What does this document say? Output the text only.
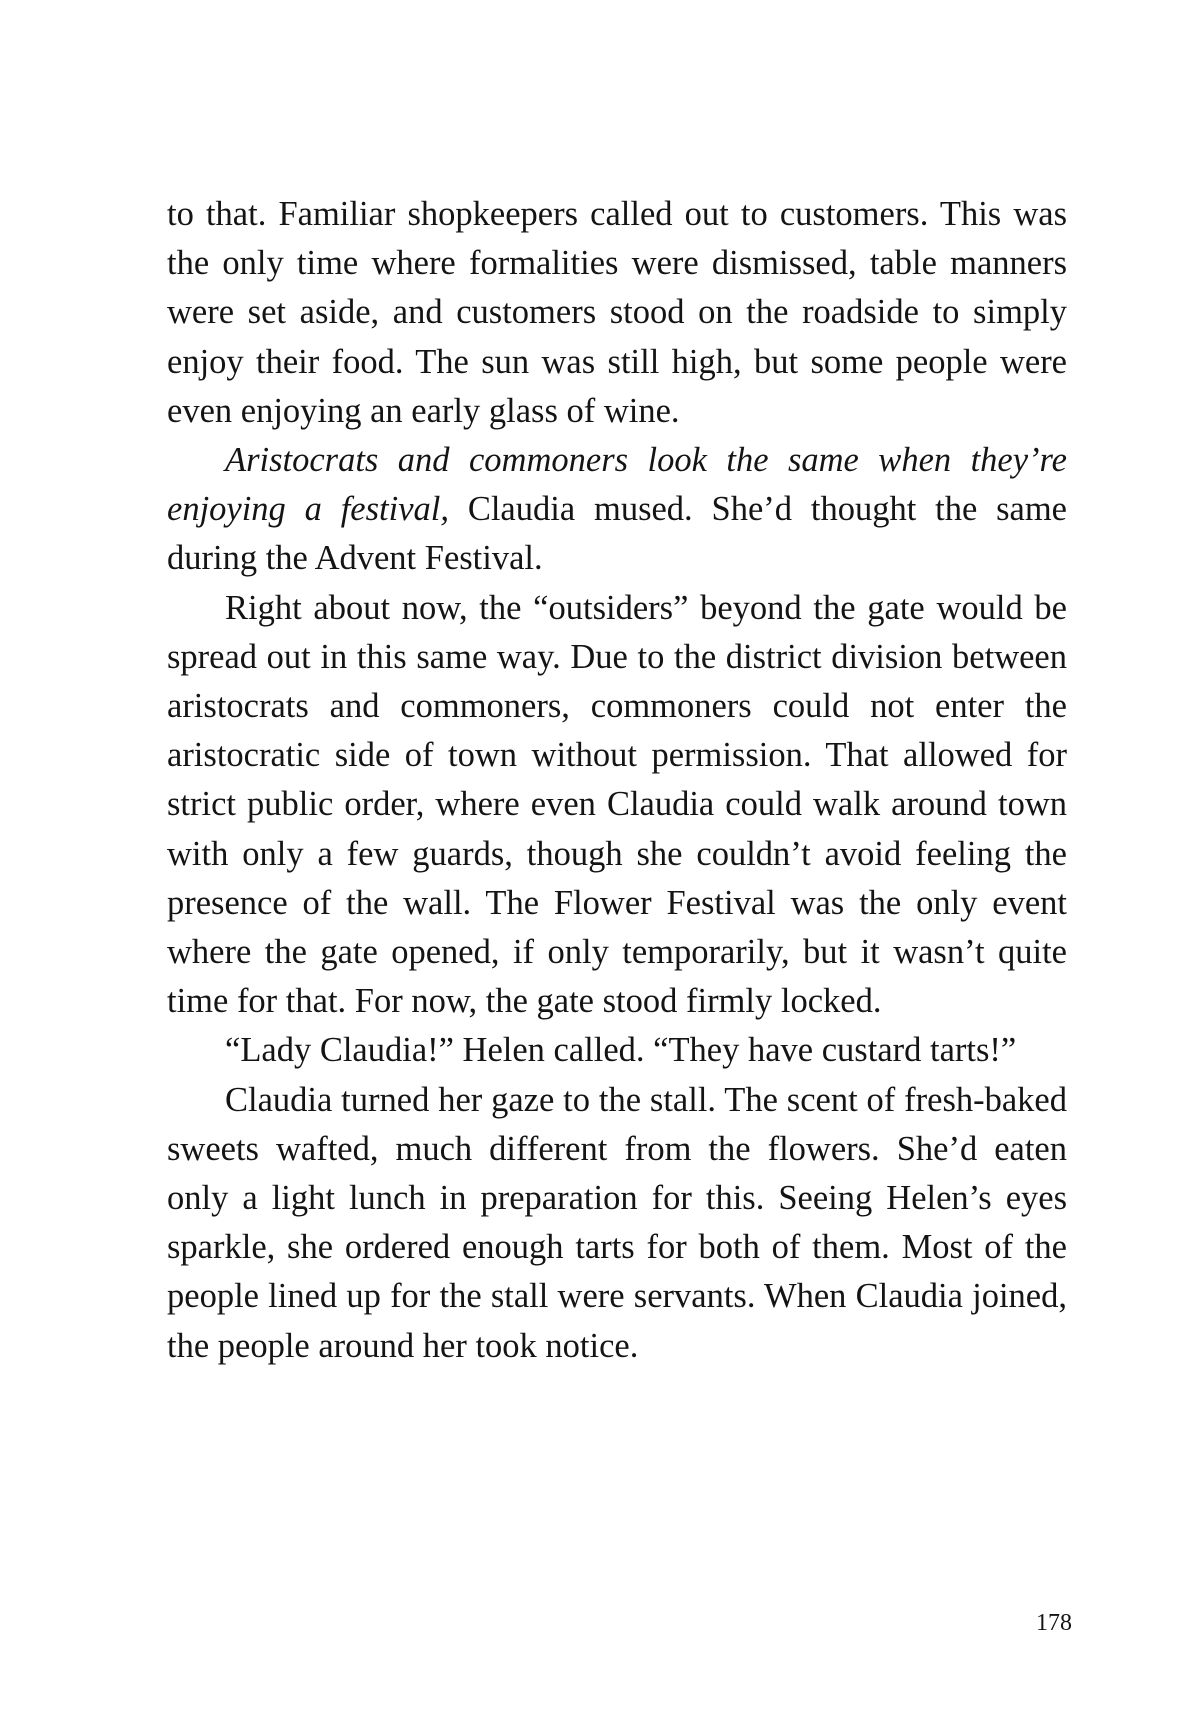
to that. Familiar shopkeepers called out to customers. This was the only time where formalities were dismissed, table manners were set aside, and customers stood on the roadside to simply enjoy their food. The sun was still high, but some people were even enjoying an early glass of wine.

Aristocrats and commoners look the same when they’re enjoying a festival, Claudia mused. She’d thought the same during the Advent Festival.

Right about now, the “outsiders” beyond the gate would be spread out in this same way. Due to the district division between aristocrats and commoners, commoners could not enter the aristocratic side of town without permission. That allowed for strict public order, where even Claudia could walk around town with only a few guards, though she couldn’t avoid feeling the presence of the wall. The Flower Festival was the only event where the gate opened, if only temporarily, but it wasn’t quite time for that. For now, the gate stood firmly locked.

“Lady Claudia!” Helen called. “They have custard tarts!”

Claudia turned her gaze to the stall. The scent of fresh-baked sweets wafted, much different from the flowers. She’d eaten only a light lunch in preparation for this. Seeing Helen’s eyes sparkle, she ordered enough tarts for both of them. Most of the people lined up for the stall were servants. When Claudia joined, the people around her took notice.

178
